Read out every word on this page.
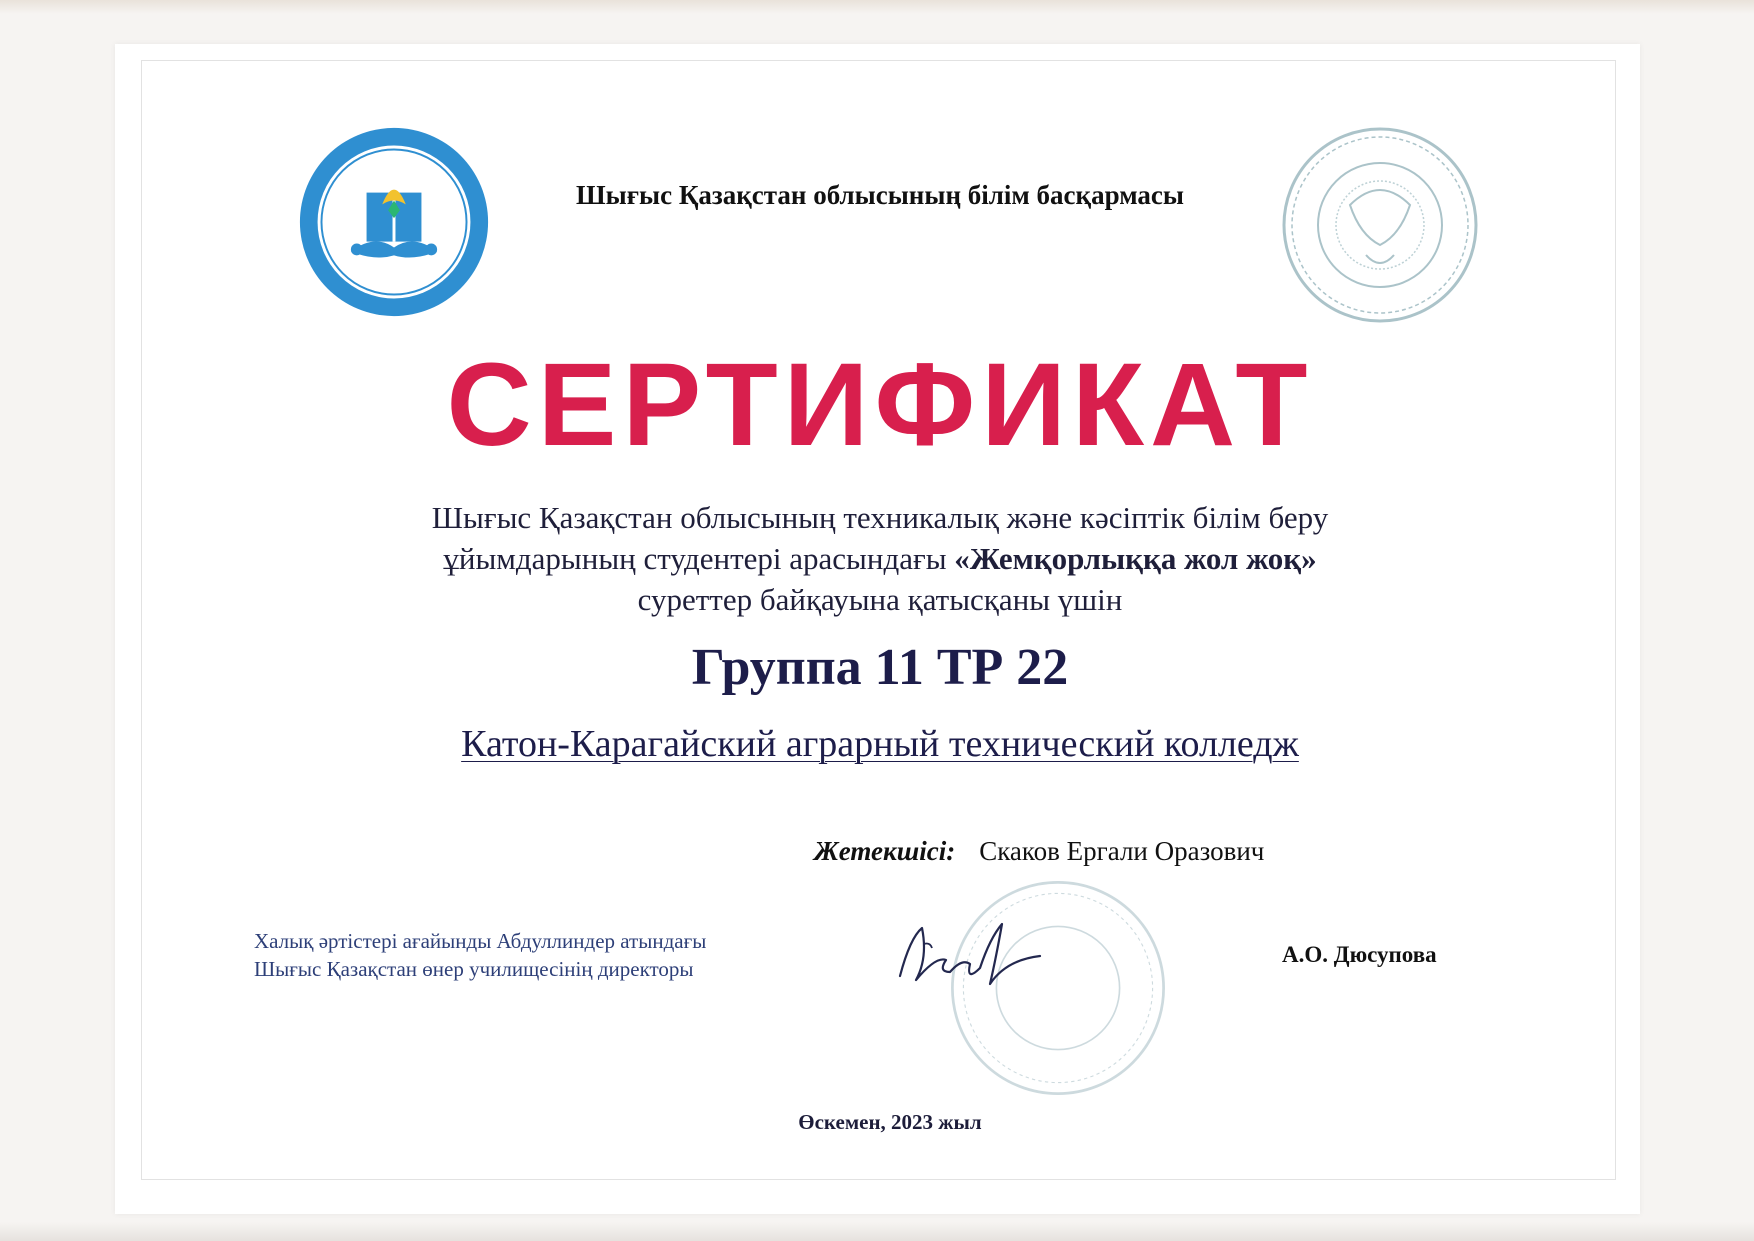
Шығыс Қазақстан облысының білім басқармасы
СЕРТИФИКАТ
Шығыс Қазақстан облысының техникалық және кәсіптік білім беру
ұйымдарының студентері арасындағы «Жемқорлыққа жол жоқ»
суреттер байқауына қатысқаны үшін
Группа 11 ТР 22
Катон-Карагайский аграрный технический колледж
Жетекшісі: Скаков Ергали Оразович
Халық әртістері ағайынды Абдуллиндер атындағы
Шығыс Қазақстан өнер училищесінің директоры
А.О. Дюсупова
Өскемен, 2023 жыл
